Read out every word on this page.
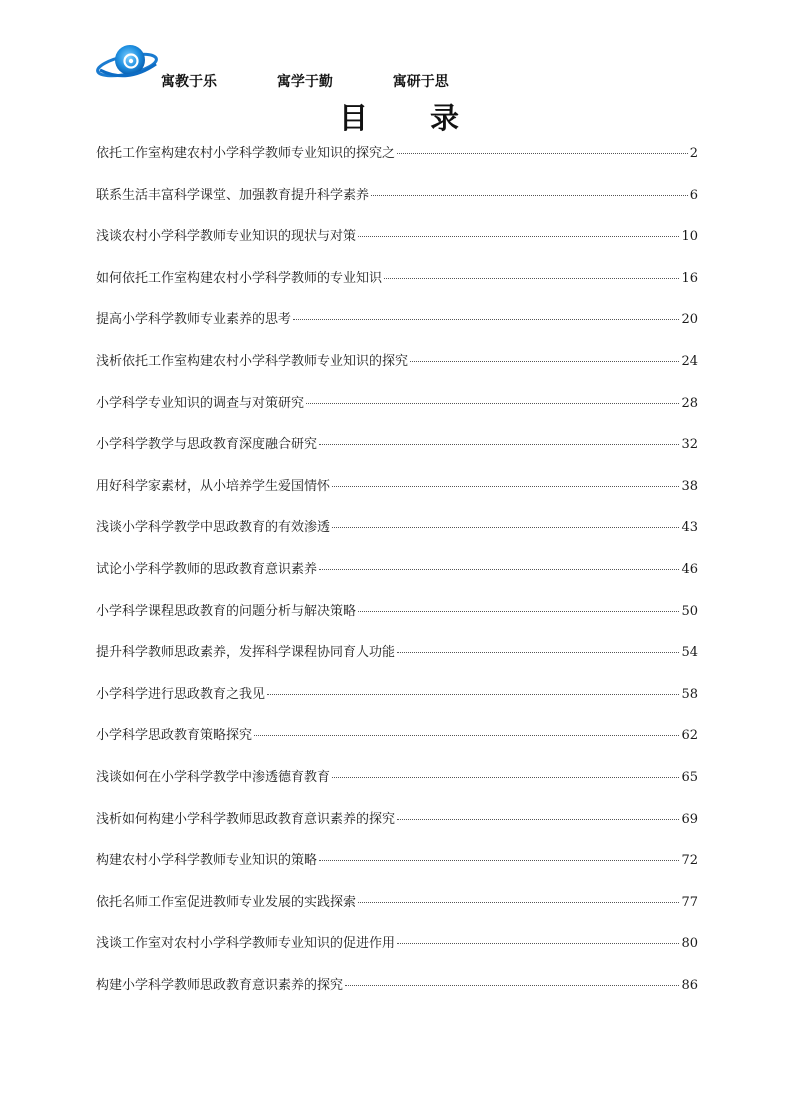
寓教于乐	寓学于勤	寓研于思
目录
依托工作室构建农村小学科学教师专业知识的探究之	2
联系生活丰富科学课堂、加强教育提升科学素养	6
浅谈农村小学科学教师专业知识的现状与对策	10
如何依托工作室构建农村小学科学教师的专业知识	16
提高小学科学教师专业素养的思考	20
浅析依托工作室构建农村小学科学教师专业知识的探究	24
小学科学专业知识的调查与对策研究	28
小学科学教学与思政教育深度融合研究	32
用好科学家素材，从小培养学生爱国情怀	38
浅谈小学科学教学中思政教育的有效渗透	43
试论小学科学教师的思政教育意识素养	46
小学科学课程思政教育的问题分析与解决策略	50
提升科学教师思政素养，发挥科学课程协同育人功能	54
小学科学进行思政教育之我见	58
小学科学思政教育策略探究	62
浅谈如何在小学科学教学中渗透德育教育	65
浅析如何构建小学科学教师思政教育意识素养的探究	69
构建农村小学科学教师专业知识的策略	72
依托名师工作室促进教师专业发展的实践探索	77
浅谈工作室对农村小学科学教师专业知识的促进作用	80
构建小学科学教师思政教育意识素养的探究	86
